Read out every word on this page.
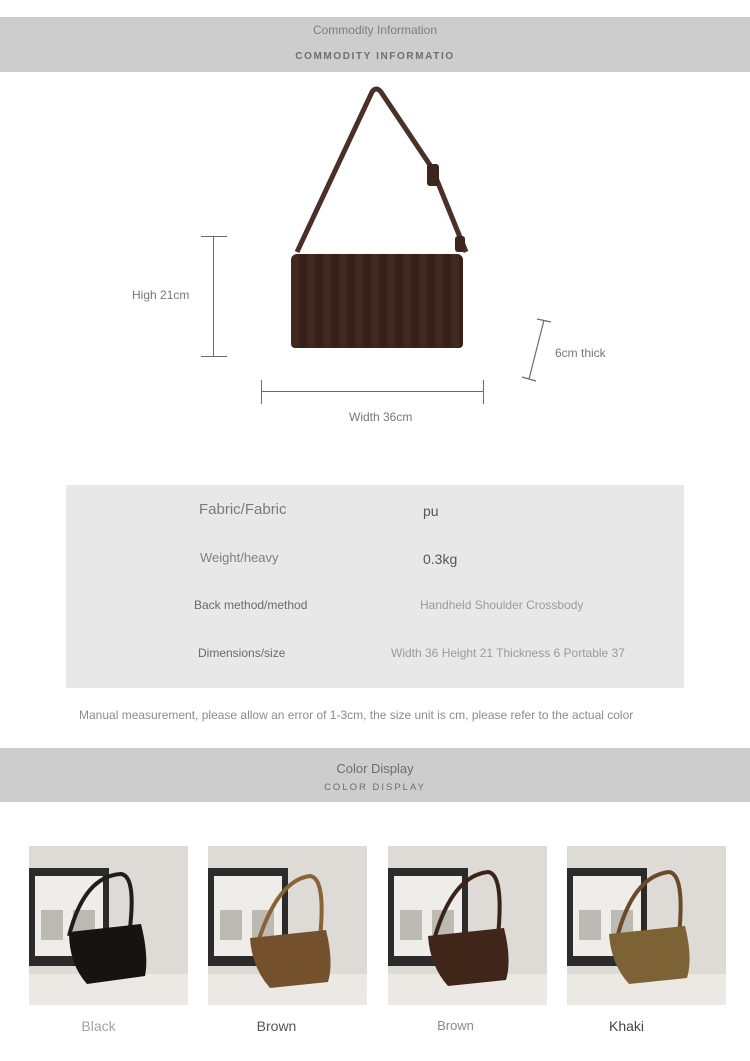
Commodity Information
COMMODITY INFORMATIO
High 21cm
Width 36cm
6cm thick
Fabric/Fabric	pu
Weight/heavy	0.3kg
Back method/method	Handheld Shoulder Crossbody
Dimensions/size	Width 36 Height 21 Thickness 6 Portable 37
Manual measurement, please allow an error of 1-3cm, the size unit is cm, please refer to the actual color
Color Display
COLOR DISPLAY
Black	Brown	Brown	Khaki
